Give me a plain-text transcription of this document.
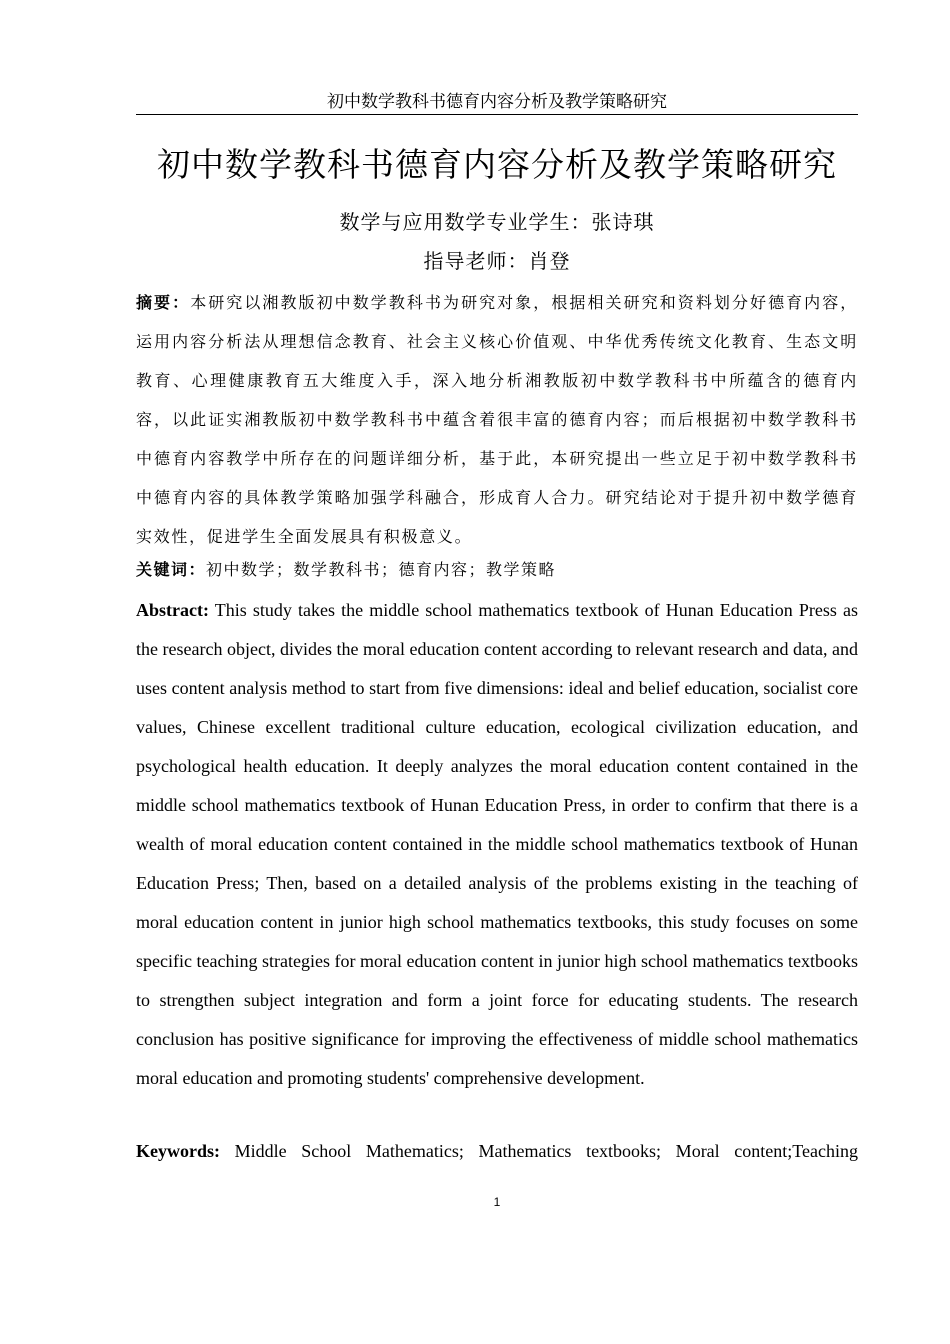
初中数学教科书德育内容分析及教学策略研究
初中数学教科书德育内容分析及教学策略研究
数学与应用数学专业学生：张诗琪
指导老师：肖登

摘要：本研究以湘教版初中数学教科书为研究对象，根据相关研究和资料划分好德育内容，运用内容分析法从理想信念教育、社会主义核心价值观、中华优秀传统文化教育、生态文明教育、心理健康教育五大维度入手，深入地分析湘教版初中数学教科书中所蕴含的德育内容，以此证实湘教版初中数学教科书中蕴含着很丰富的德育内容；而后根据初中数学教科书中德育内容教学中所存在的问题详细分析，基于此，本研究提出一些立足于初中数学教科书中德育内容的具体教学策略加强学科融合，形成育人合力。研究结论对于提升初中数学德育实效性，促进学生全面发展具有积极意义。

关键词：初中数学；数学教科书；德育内容；教学策略

Abstract: This study takes the middle school mathematics textbook of Hunan Education Press as the research object, divides the moral education content according to relevant research and data, and uses content analysis method to start from five dimensions: ideal and belief education, socialist core values, Chinese excellent traditional culture education, ecological civilization education, and psychological health education. It deeply analyzes the moral education content contained in the middle school mathematics textbook of Hunan Education Press, in order to confirm that there is a wealth of moral education content contained in the middle school mathematics textbook of Hunan Education Press; Then, based on a detailed analysis of the problems existing in the teaching of moral education content in junior high school mathematics textbooks, this study focuses on some specific teaching strategies for moral education content in junior high school mathematics textbooks to strengthen subject integration and form a joint force for educating students. The research conclusion has positive significance for improving the effectiveness of middle school mathematics moral education and promoting students' comprehensive development.

Keywords: Middle School Mathematics; Mathematics textbooks; Moral content;Teaching

1
